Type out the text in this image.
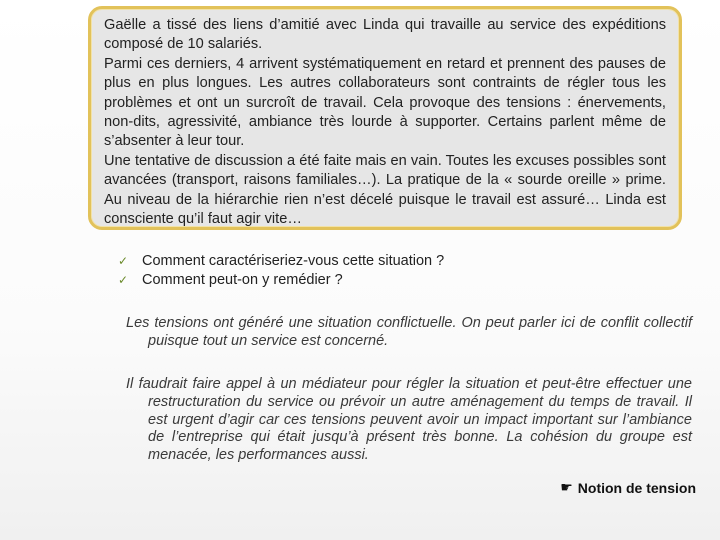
Gaëlle a tissé des liens d’amitié avec Linda qui travaille au service des expéditions composé de 10 salariés.

Parmi ces derniers, 4 arrivent systématiquement en retard et prennent des pauses de plus en plus longues. Les autres collaborateurs sont contraints de régler tous les problèmes et ont un surcroît de travail. Cela provoque des tensions : énervements, non-dits, agressivité, ambiance très lourde à supporter. Certains parlent même de s’absenter à leur tour.

Une tentative de discussion a été faite mais en vain. Toutes les excuses possibles sont avancées (transport, raisons familiales…). La pratique de la « sourde oreille » prime. Au niveau de la hiérarchie rien n’est décelé puisque le travail est assuré… Linda est consciente qu’il faut agir vite…

✓ Comment caractériseriez-vous cette situation ?
✓ Comment peut-on y remédier ?

Les tensions ont généré une situation conflictuelle. On peut parler ici de conflit collectif puisque tout un service est concerné.

Il faudrait faire appel à un médiateur pour régler la situation et peut-être effectuer une restructuration du service ou prévoir un autre aménagement du temps de travail. Il est urgent d’agir car ces tensions peuvent avoir un impact important sur l’ambiance de l’entreprise qui était jusqu’à présent très bonne. La cohésion du groupe est menacée, les performances aussi.

☛ Notion de tension
